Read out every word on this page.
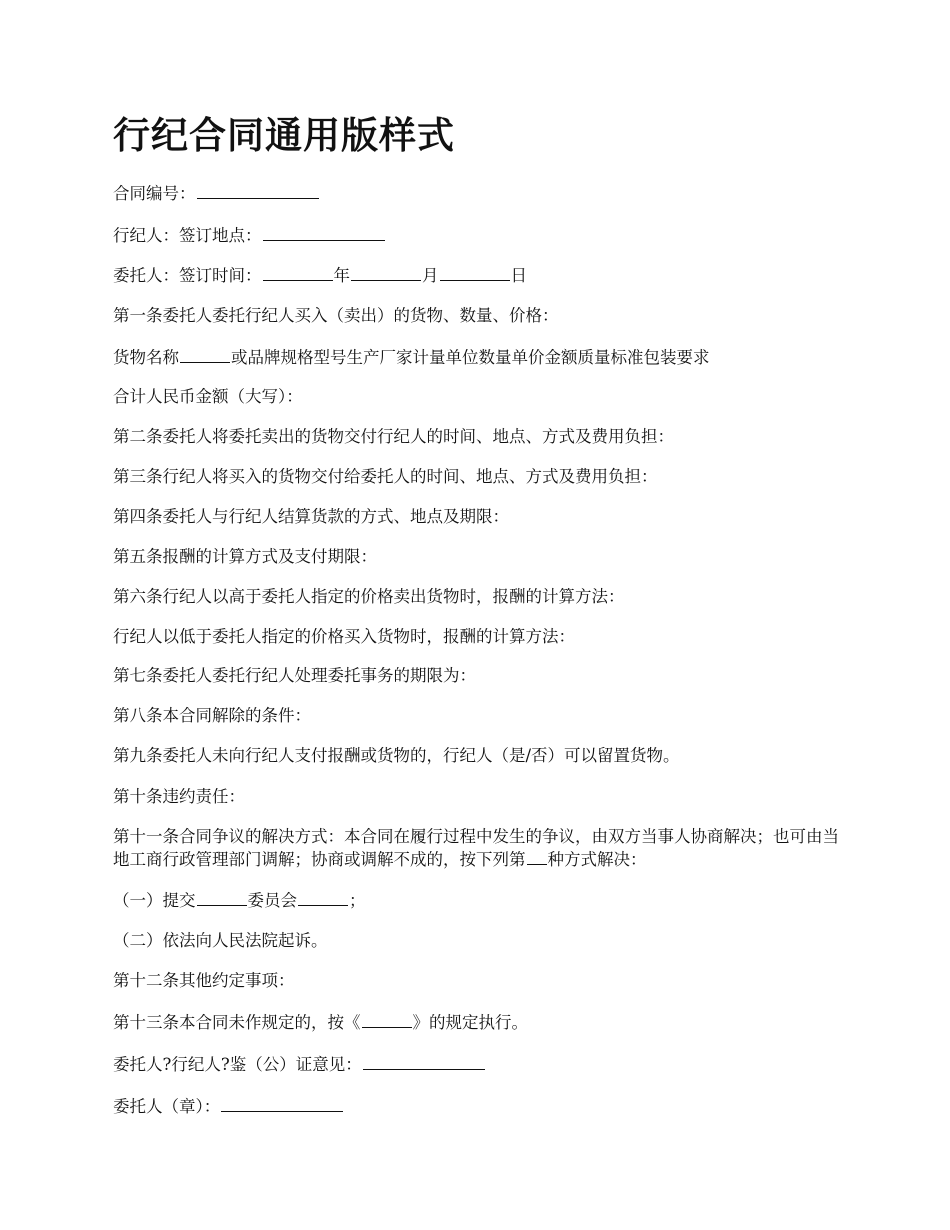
行纪合同通用版样式
合同编号：
行纪人：签订地点：
委托人：签订时间：	年	月	日
第一条委托人委托行纪人买入（卖出）的货物、数量、价格：
货物名称	或品牌规格型号生产厂家计量单位数量单价金额质量标准包装要求
合计人民币金额（大写）：
第二条委托人将委托卖出的货物交付行纪人的时间、地点、方式及费用负担：
第三条行纪人将买入的货物交付给委托人的时间、地点、方式及费用负担：
第四条委托人与行纪人结算货款的方式、地点及期限：
第五条报酬的计算方式及支付期限：
第六条行纪人以高于委托人指定的价格卖出货物时，报酬的计算方法：
行纪人以低于委托人指定的价格买入货物时，报酬的计算方法：
第七条委托人委托行纪人处理委托事务的期限为：
第八条本合同解除的条件：
第九条委托人未向行纪人支付报酬或货物的，行纪人（是/否）可以留置货物。
第十条违约责任：
第十一条合同争议的解决方式：本合同在履行过程中发生的争议，由双方当事人协商解决；也可由当地工商行政管理部门调解；协商或调解不成的，按下列第 种方式解决：
（一）提交	委员会	；
（二）依法向人民法院起诉。
第十二条其他约定事项：
第十三条本合同未作规定的，按《	》的规定执行。
委托人?行纪人?鉴（公）证意见：
委托人（章）：
